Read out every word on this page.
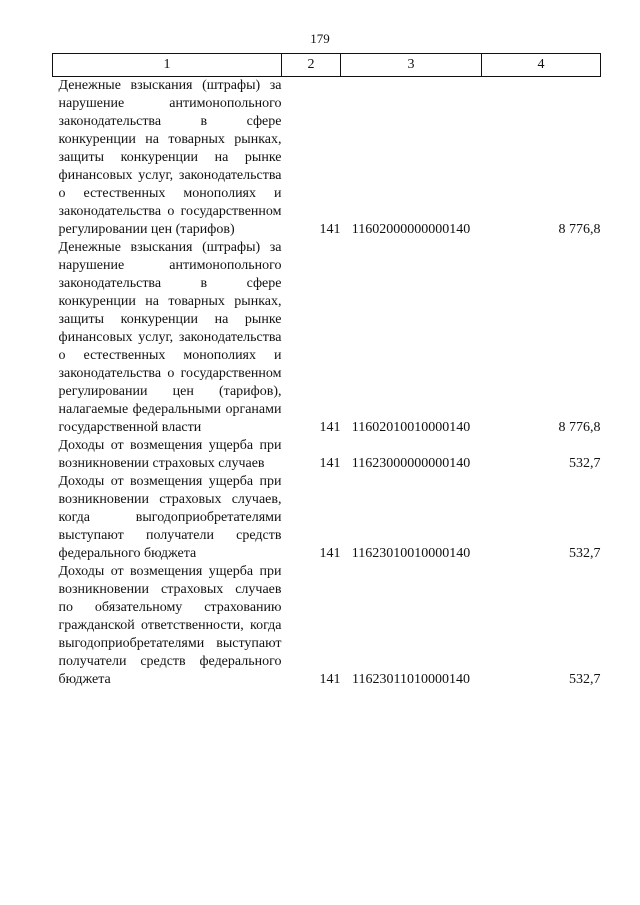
179
1	2	3	4

Денежные взыскания (штрафы) за нарушение антимонопольного законодательства в сфере конкуренции на товарных рынках, защиты конкуренции на рынке финансовых услуг, законодательства о естественных монополиях и законодательства о государственном регулировании цен (тарифов)	141	11602000000000140	8 776,8

Денежные взыскания (штрафы) за нарушение антимонопольного законодательства в сфере конкуренции на товарных рынках, защиты конкуренции на рынке финансовых услуг, законодательства о естественных монополиях и законодательства о государственном регулировании цен (тарифов), налагаемые федеральными органами государственной власти	141	11602010010000140	8 776,8

Доходы от возмещения ущерба при возникновении страховых случаев	141	11623000000000140	532,7

Доходы от возмещения ущерба при возникновении страховых случаев, когда выгодоприобретателями выступают получатели средств федерального бюджета	141	11623010010000140	532,7

Доходы от возмещения ущерба при возникновении страховых случаев по обязательному страхованию гражданской ответственности, когда выгодоприобретателями выступают получатели средств федерального бюджета	141	11623011010000140	532,7
